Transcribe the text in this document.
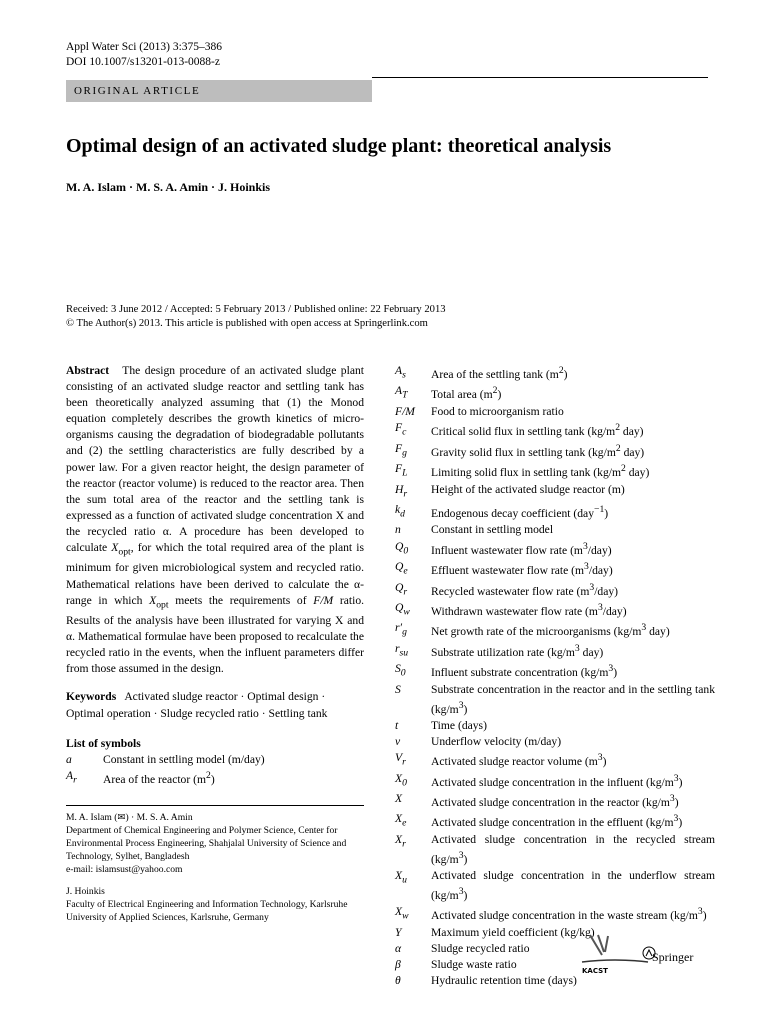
Appl Water Sci (2013) 3:375–386
DOI 10.1007/s13201-013-0088-z
ORIGINAL ARTICLE
Optimal design of an activated sludge plant: theoretical analysis
M. A. Islam · M. S. A. Amin · J. Hoinkis
Received: 3 June 2012 / Accepted: 5 February 2013 / Published online: 22 February 2013
© The Author(s) 2013. This article is published with open access at Springerlink.com

Abstract The design procedure of an activated sludge plant consisting of an activated sludge reactor and settling tank has been theoretically analyzed assuming that (1) the Monod equation completely describes the growth kinetics of micro-organisms causing the degradation of biodegradable pollutants and (2) the settling characteristics are fully described by a power law. For a given reactor height, the design parameter of the reactor (reactor volume) is reduced to the reactor area. Then the sum total area of the reactor and the settling tank is expressed as a function of activated sludge concentration X and the recycled ratio α. A procedure has been developed to calculate $X_{opt}$, for which the total required area of the plant is minimum for given microbiological system and recycled ratio. Mathematical relations have been derived to calculate the α-range in which $X_{opt}$ meets the requirements of F/M ratio. Results of the analysis have been illustrated for varying X and α. Mathematical formulae have been proposed to recalculate the recycled ratio in the events, when the influent parameters differ from those assumed in the design.

Keywords Activated sludge reactor · Optimal design · Optimal operation · Sludge recycled ratio · Settling tank

List of symbols

a	Constant in settling model (m/day)
$A_r$	Area of the reactor $(m^2)$

M. A. Islam (✉) · M. S. A. Amin
Department of Chemical Engineering and Polymer Science, Center for Environmental Process Engineering, Shahjalal University of Science and Technology, Sylhet, Bangladesh
e-mail: islamsust@yahoo.com

J. Hoinkis
Faculty of Electrical Engineering and Information Technology, Karlsruhe University of Applied Sciences, Karlsruhe, Germany

$A_s$	Area of the settling tank $(m^2)$
$A_T$	Total area $(m^2)$
F/M	Food to microorganism ratio
$F_c$	Critical solid flux in settling tank ($kg/m^2$ day)
$F_g$	Gravity solid flux in settling tank ($kg/m^2$ day)
$F_L$	Limiting solid flux in settling tank ($kg/m^2$ day)
$H_r$	Height of the activated sludge reactor (m)
$k_d$	Endogenous decay coefficient (day$^{-1}$)
n	Constant in settling model
$Q_0$	Influent wastewater flow rate $(m^3/day)$
$Q_e$	Effluent wastewater flow rate $(m^3/day)$
$Q_r$	Recycled wastewater flow rate $(m^3/day)$
$Q_w$	Withdrawn wastewater flow rate $(m^3/day)$
$r'_g$	Net growth rate of the microorganisms ($kg/m^3$ day)
$r_{su}$	Substrate utilization rate ($kg/m^3$ day)
$S_0$	Influent substrate concentration $(kg/m^3)$
S	Substrate concentration in the reactor and in the settling tank $(kg/m^3)$
t	Time (days)
v	Underflow velocity (m/day)
$V_r$	Activated sludge reactor volume $(m^3)$
$X_0$	Activated sludge concentration in the influent $(kg/m^3)$
X	Activated sludge concentration in the reactor $(kg/m^3)$
$X_e$	Activated sludge concentration in the effluent $(kg/m^3)$
$X_r$	Activated sludge concentration in the recycled stream $(kg/m^3)$
$X_u$	Activated sludge concentration in the underflow stream $(kg/m^3)$
$X_w$	Activated sludge concentration in the waste stream $(kg/m^3)$
Y	Maximum yield coefficient (kg/kg)
α	Sludge recycled ratio
β	Sludge waste ratio
θ	Hydraulic retention time (days)
KACST
Springer
